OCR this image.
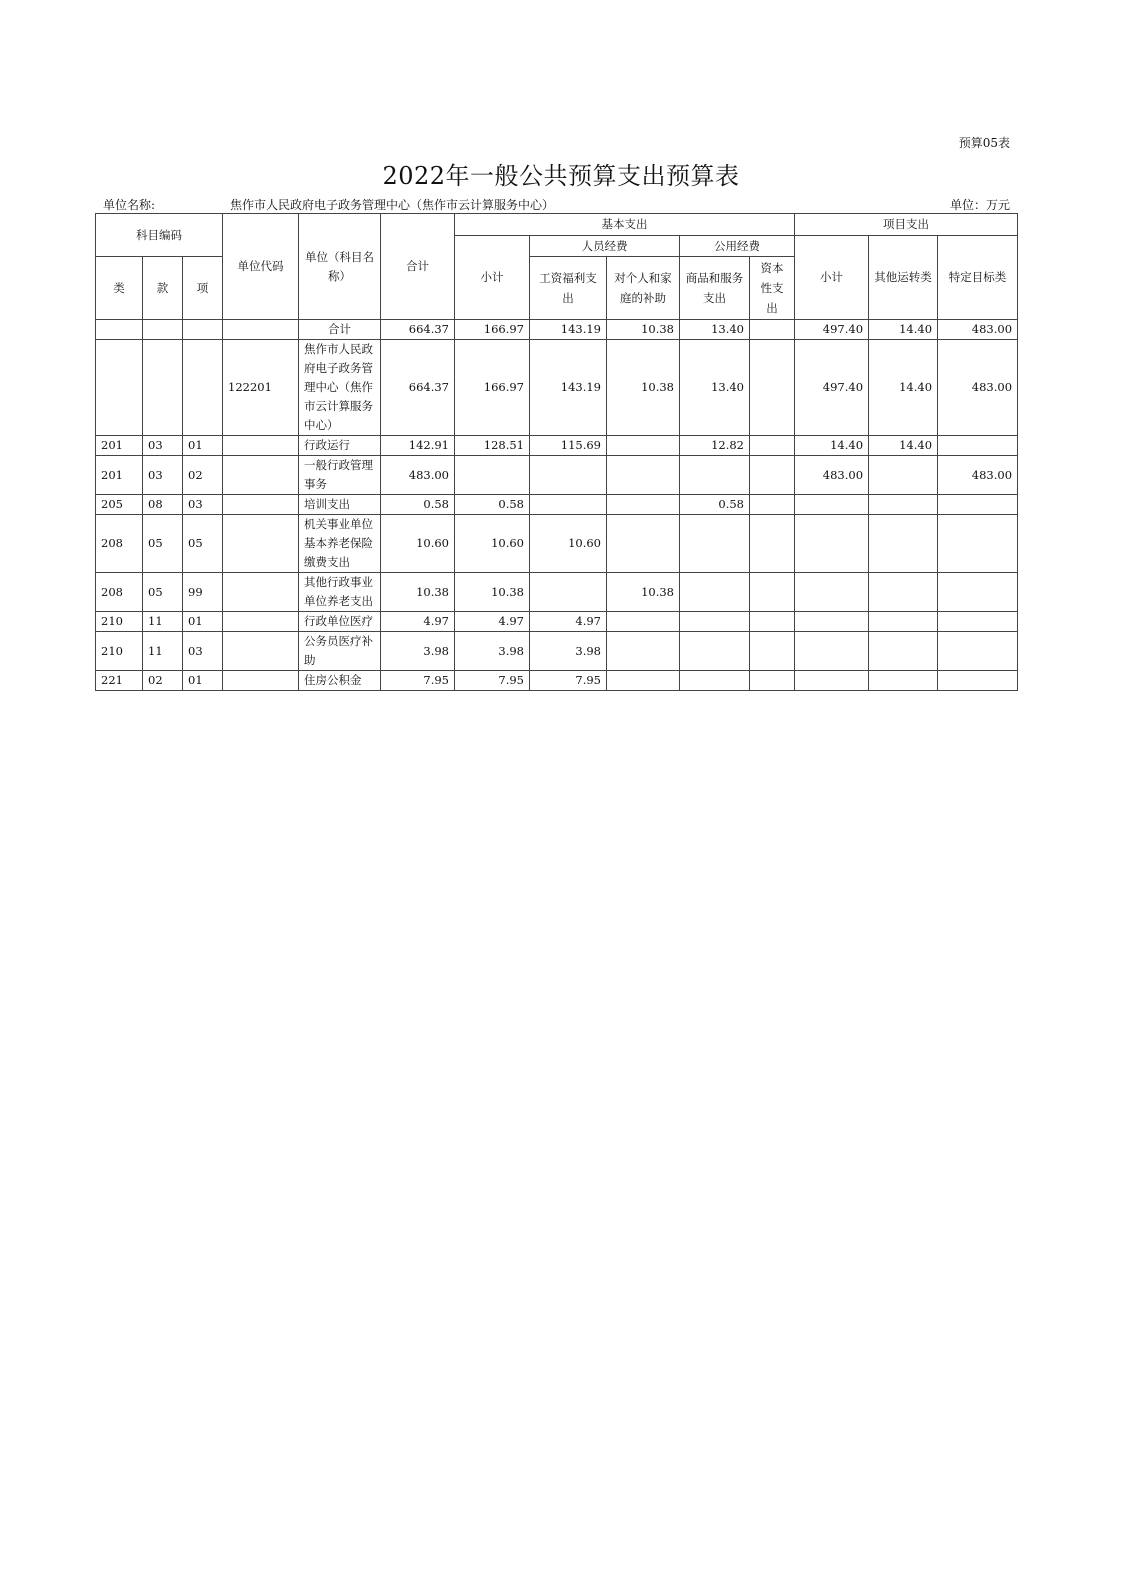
预算05表
2022年一般公共预算支出预算表
单位名称:	焦作市人民政府电子政务管理中心（焦作市云计算服务中心）	单位：万元
科目编码			单位代码	单位（科目名称）	合计	基本支出					项目支出		
						小计	人员经费		公用经费		小计	其他运转类	特定目标类
类	款	项					工资福利支出	对个人和家庭的补助	商品和服务支出	资本性支出			
				合计	664.37	166.97	143.19	10.38	13.40		497.40	14.40	483.00
			122201	焦作市人民政府电子政务管理中心（焦作市云计算服务中心）	664.37	166.97	143.19	10.38	13.40		497.40	14.40	483.00
201	03	01		行政运行	142.91	128.51	115.69		12.82		14.40	14.40	
201	03	02		一般行政管理事务	483.00						483.00		483.00
205	08	03		培训支出	0.58	0.58			0.58				
208	05	05		机关事业单位基本养老保险缴费支出	10.60	10.60	10.60						
208	05	99		其他行政事业单位养老支出	10.38	10.38		10.38					
210	11	01		行政单位医疗	4.97	4.97	4.97						
210	11	03		公务员医疗补助	3.98	3.98	3.98						
221	02	01		住房公积金	7.95	7.95	7.95						
